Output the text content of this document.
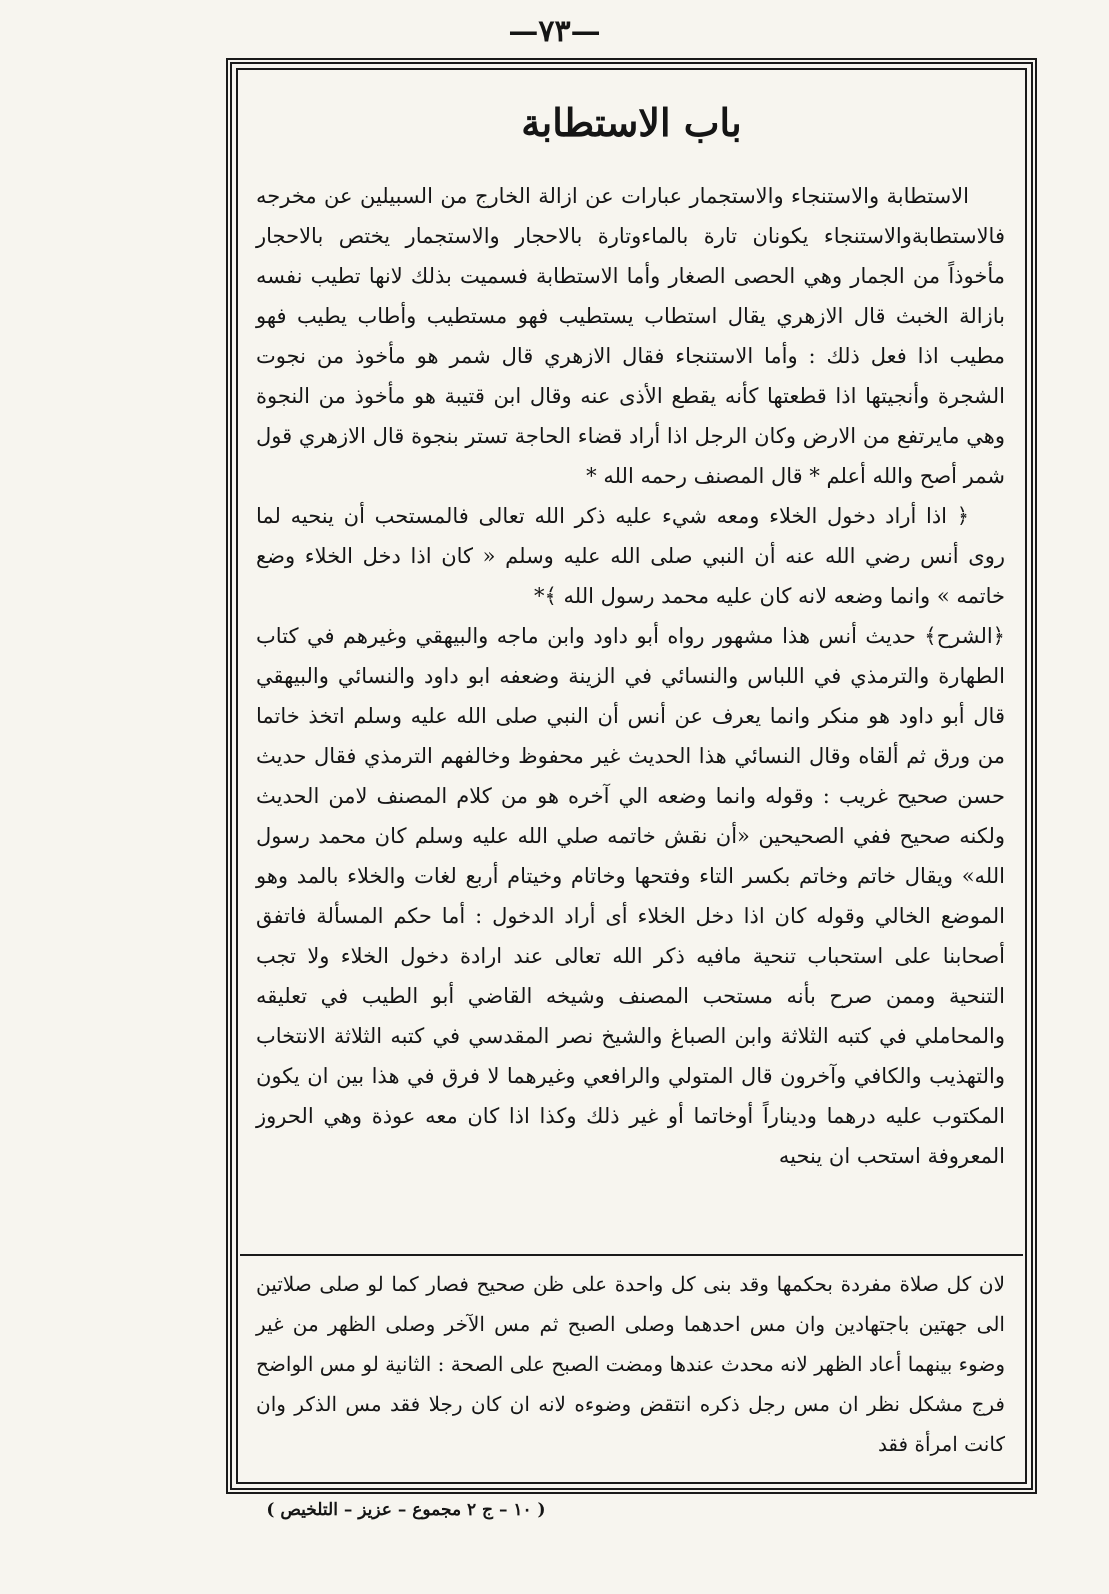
—٧٣—
باب الاستطابة

الاستطابة والاستنجاء والاستجمار عبارات عن ازالة الخارج من السبيلين عن مخرجه فالاستطابةوالاستنجاء يكونان تارة بالماءوتارة بالاحجار والاستجمار يختص بالاحجار مأخوذاً من الجمار وهي الحصى الصغار وأما الاستطابة فسميت بذلك لانها تطيب نفسه بازالة الخبث قال الازهري يقال استطاب يستطيب فهو مستطيب وأطاب يطيب فهو مطيب اذا فعل ذلك : وأما الاستنجاء فقال الازهري قال شمر هو مأخوذ من نجوت الشجرة وأنجيتها اذا قطعتها كأنه يقطع الأذى عنه وقال ابن قتيبة هو مأخوذ من النجوة وهي مايرتفع من الارض وكان الرجل اذا أراد قضاء الحاجة تستر بنجوة قال الازهري قول شمر أصح والله أعلم * قال المصنف رحمه الله *

﴿ اذا أراد دخول الخلاء ومعه شيء عليه ذكر الله تعالى فالمستحب أن ينحيه لما روى أنس رضي الله عنه أن النبي صلى الله عليه وسلم « كان اذا دخل الخلاء وضع خاتمه » وانما وضعه لانه كان عليه محمد رسول الله ﴾*

﴿الشرح﴾ حديث أنس هذا مشهور رواه أبو داود وابن ماجه والبيهقي وغيرهم في كتاب الطهارة والترمذي في اللباس والنسائي في الزينة وضعفه ابو داود والنسائي والبيهقي قال أبو داود هو منكر وانما يعرف عن أنس أن النبي صلى الله عليه وسلم اتخذ خاتما من ورق ثم ألقاه وقال النسائي هذا الحديث غير محفوظ وخالفهم الترمذي فقال حديث حسن صحيح غريب : وقوله وانما وضعه الي آخره هو من كلام المصنف لامن الحديث ولكنه صحيح ففي الصحيحين «أن نقش خاتمه صلي الله عليه وسلم كان محمد رسول الله» ويقال خاتم وخاتم بكسر التاء وفتحها وخاتام وخيتام أربع لغات والخلاء بالمد وهو الموضع الخالي وقوله كان اذا دخل الخلاء أى أراد الدخول : أما حكم المسألة فاتفق أصحابنا على استحباب تنحية مافيه ذكر الله تعالى عند ارادة دخول الخلاء ولا تجب التنحية وممن صرح بأنه مستحب المصنف وشيخه القاضي أبو الطيب في تعليقه والمحاملي في كتبه الثلاثة وابن الصباغ والشيخ نصر المقدسي في كتبه الثلاثة الانتخاب والتهذيب والكافي وآخرون قال المتولي والرافعي وغيرهما لا فرق في هذا بين ان يكون المكتوب عليه درهما وديناراً أوخاتما أو غير ذلك وكذا اذا كان معه عوذة وهي الحروز المعروفة استحب ان ينحيه

لان كل صلاة مفردة بحكمها وقد بنى كل واحدة على ظن صحيح فصار كما لو صلى صلاتين الى جهتين باجتهادين وان مس احدهما وصلى الصبح ثم مس الآخر وصلى الظهر من غير وضوء بينهما أعاد الظهر لانه محدث عندها ومضت الصبح على الصحة : الثانية لو مس الواضح فرج مشكل نظر ان مس رجل ذكره انتقض وضوءه لانه ان كان رجلا فقد مس الذكر وان كانت امرأة فقد

( ١٠ – ج ٢ مجموع – عزيز – التلخيص )
